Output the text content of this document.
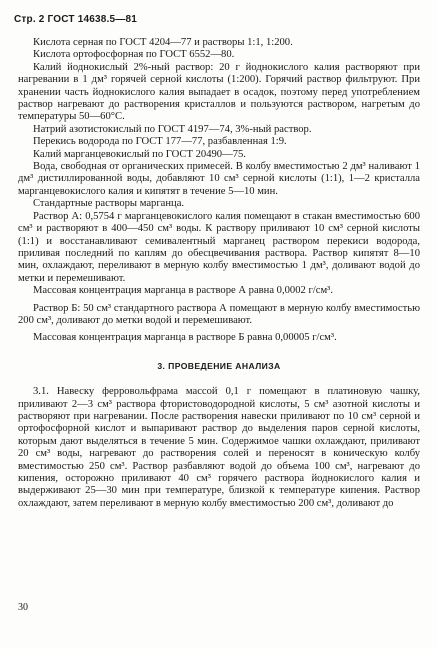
Стр. 2 ГОСТ 14638.5—81

Кислота серная по ГОСТ 4204—77 и растворы 1:1, 1:200.

Кислота ортофосфорная по ГОСТ 6552—80.

Калий йоднокислый 2%-ный раствор: 20 г йоднокислого калия растворяют при нагревании в 1 дм³ горячей серной кислоты (1:200). Горячий раствор фильтруют. При хранении часть йоднокислого калия выпадает в осадок, поэтому перед употреблением раствор нагревают до растворения кристаллов и пользуются раствором, нагретым до температуры 50—60°С.

Натрий азотистокислый по ГОСТ 4197—74, 3%-ный раствор.

Перекись водорода по ГОСТ 177—77, разбавленная 1:9.

Калий марганцевокислый по ГОСТ 20490—75.

Вода, свободная от органических примесей. В колбу вместимостью 2 дм³ наливают 1 дм³ дистиллированной воды, добавляют 10 см³ серной кислоты (1:1), 1—2 кристалла марганцевокислого калия и кипятят в течение 5—10 мин.

Стандартные растворы марганца.

Раствор А: 0,5754 г марганцевокислого калия помещают в стакан вместимостью 600 см³ и растворяют в 400—450 см³ воды. К раствору приливают 10 см³ серной кислоты (1:1) и восстанавливают семивалентный марганец раствором перекиси водорода, приливая последний по каплям до обесцвечивания раствора. Раствор кипятят 8—10 мин, охлаждают, переливают в мерную колбу вместимостью 1 дм³, доливают водой до метки и перемешивают.

Массовая концентрация марганца в растворе А равна 0,0002 г/см³.

Раствор Б: 50 см³ стандартного раствора А помещают в мерную колбу вместимостью 200 см³, доливают до метки водой и перемешивают.

Массовая концентрация марганца в растворе Б равна 0,00005 г/см³.

3. ПРОВЕДЕНИЕ АНАЛИЗА

3.1. Навеску ферровольфрама массой 0,1 г помещают в платиновую чашку, приливают 2—3 см³ раствора фтористоводородной кислоты, 5 см³ азотной кислоты и растворяют при нагревании. После растворения навески приливают по 10 см³ серной и ортофосфорной кислот и выпаривают раствор до выделения паров серной кислоты, которым дают выделяться в течение 5 мин. Содержимое чашки охлаждают, приливают 20 см³ воды, нагревают до растворения солей и переносят в коническую колбу вместимостью 250 см³. Раствор разбавляют водой до объема 100 см³, нагревают до кипения, осторожно приливают 40 см³ горячего раствора йоднокислого калия и выдерживают 25—30 мин при температуре, близкой к температуре кипения. Раствор охлаждают, затем переливают в мерную колбу вместимостью 200 см³, доливают до

30
